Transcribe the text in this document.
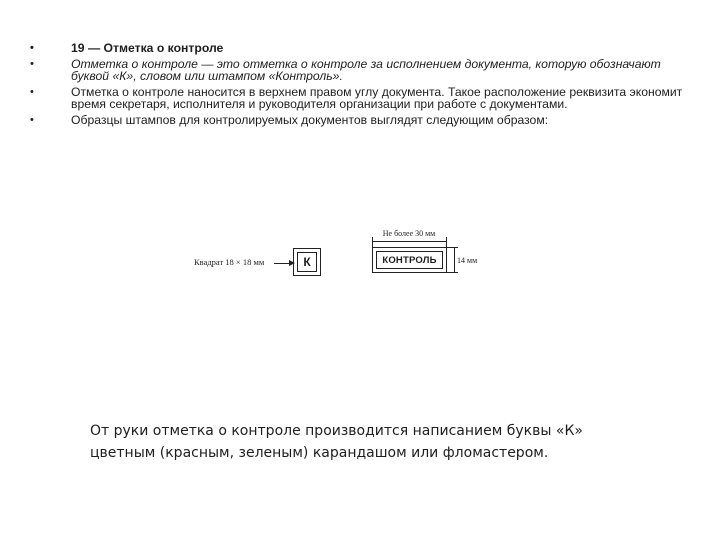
• 19 — Отметка о контроле
• Отметка о контроле — это отметка о контроле за исполнением документа, которую обозначают буквой «К», словом или штампом «Контроль».
• Отметка о контроле наносится в верхнем правом углу документа. Такое расположение реквизита экономит время секретаря, исполнителя и руководителя организации при работе с документами.
• Образцы штампов для контролируемых документов выглядят следующим образом:
Квадрат 18 × 18 мм	К
Не более 30 мм
КОНТРОЛЬ	14 мм
От руки отметка о контроле производится написанием буквы «К» цветным (красным, зеленым) карандашом или фломастером.
